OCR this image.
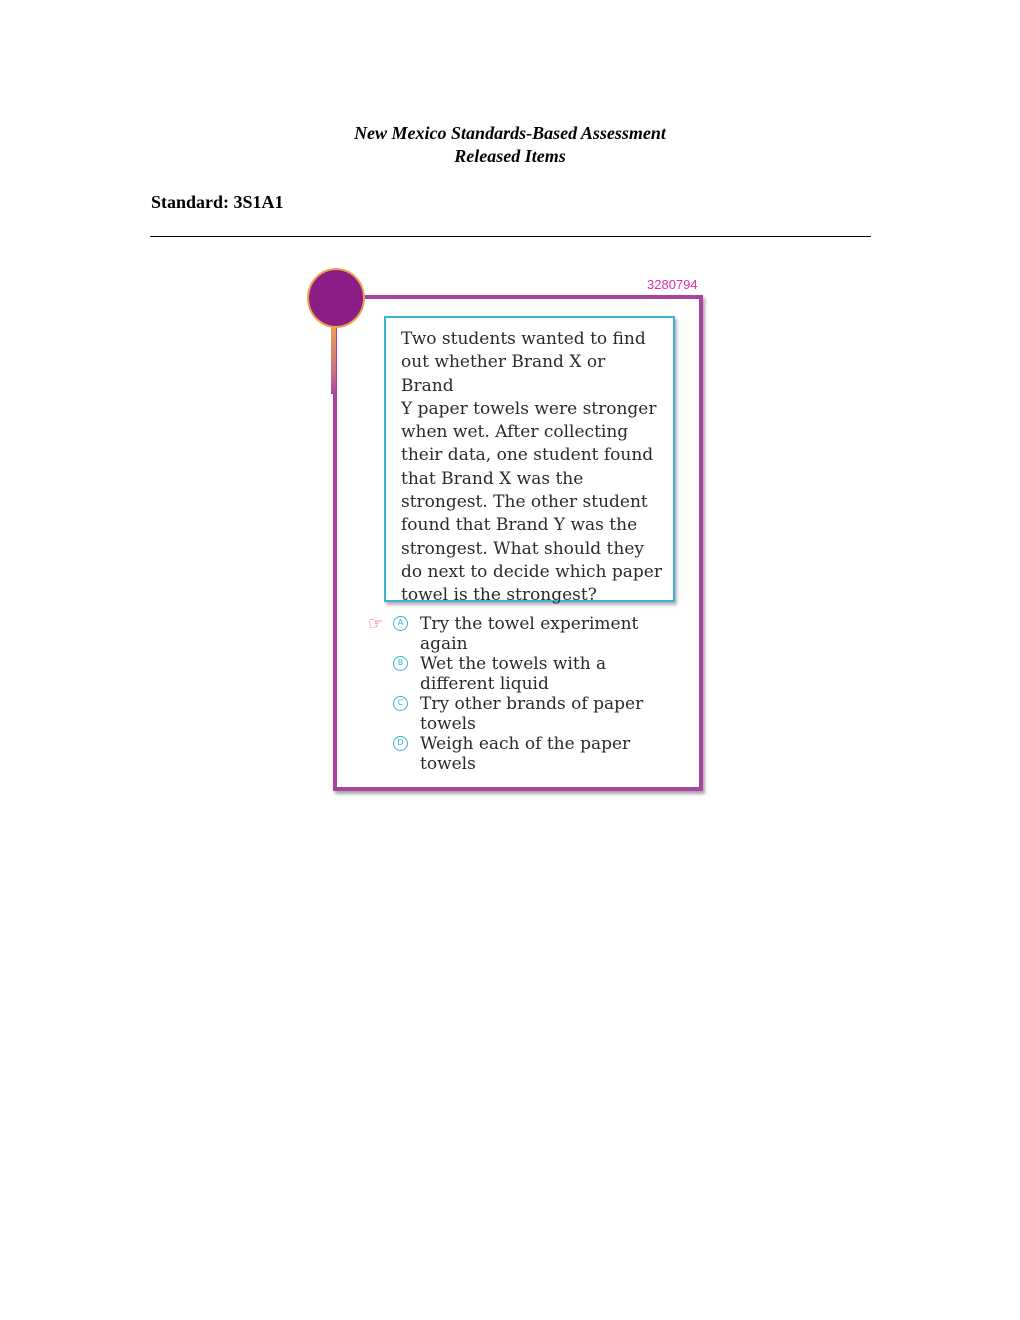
New Mexico Standards-Based Assessment
Released Items
Standard: 3S1A1
3280794
Two students wanted to find
out whether Brand X or Brand
Y paper towels were stronger
when wet. After collecting
their data, one student found
that Brand X was the
strongest. The other student
found that Brand Y was the
strongest. What should they
do next to decide which paper
towel is the strongest?
☞	A Try the towel experiment
again
B Wet the towels with a
different liquid
C Try other brands of paper
towels
D Weigh each of the paper
towels
